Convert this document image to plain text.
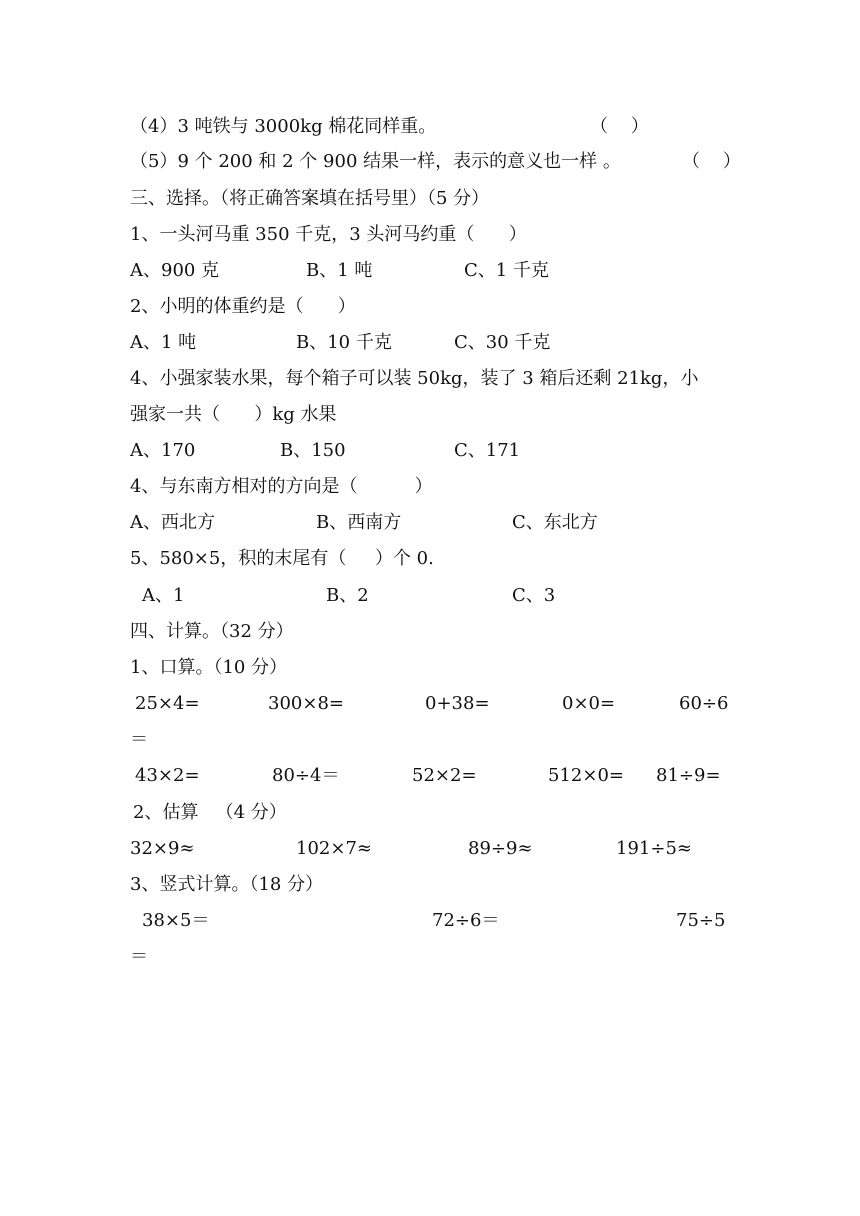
（4）3 吨铁与 3000kg 棉花同样重。	（    ）
（5）9 个 200 和 2 个 900 结果一样，表示的意义也一样 。	（    ）
三、选择。（将正确答案填在括号里）（5 分）
1、一头河马重 350 千克，3 头河马约重（      ）
A、900 克	B、1 吨	C、1 千克
2、小明的体重约是（      ）
A、1 吨	B、10 千克	C、30 千克
4、小强家装水果，每个箱子可以装 50kg，装了 3 箱后还剩 21kg，小
强家一共（      ）kg 水果
A、170	B、150	C、171
4、与东南方相对的方向是（          ）
A、西北方	B、西南方	C、东北方
5、580×5，积的末尾有（     ）个 0.
A、1	B、2	C、3
四、计算。（32 分）
1、口算。（10 分）
25×4=	300×8=	0+38=	0×0=	60÷6
＝
43×2=	80÷4＝	52×2=	512×0= 81÷9=
2、估算   （4 分）
32×9≈	102×7≈	89÷9≈	191÷5≈
3、竖式计算。（18 分）
38×5＝	72÷6＝	75÷5
＝
